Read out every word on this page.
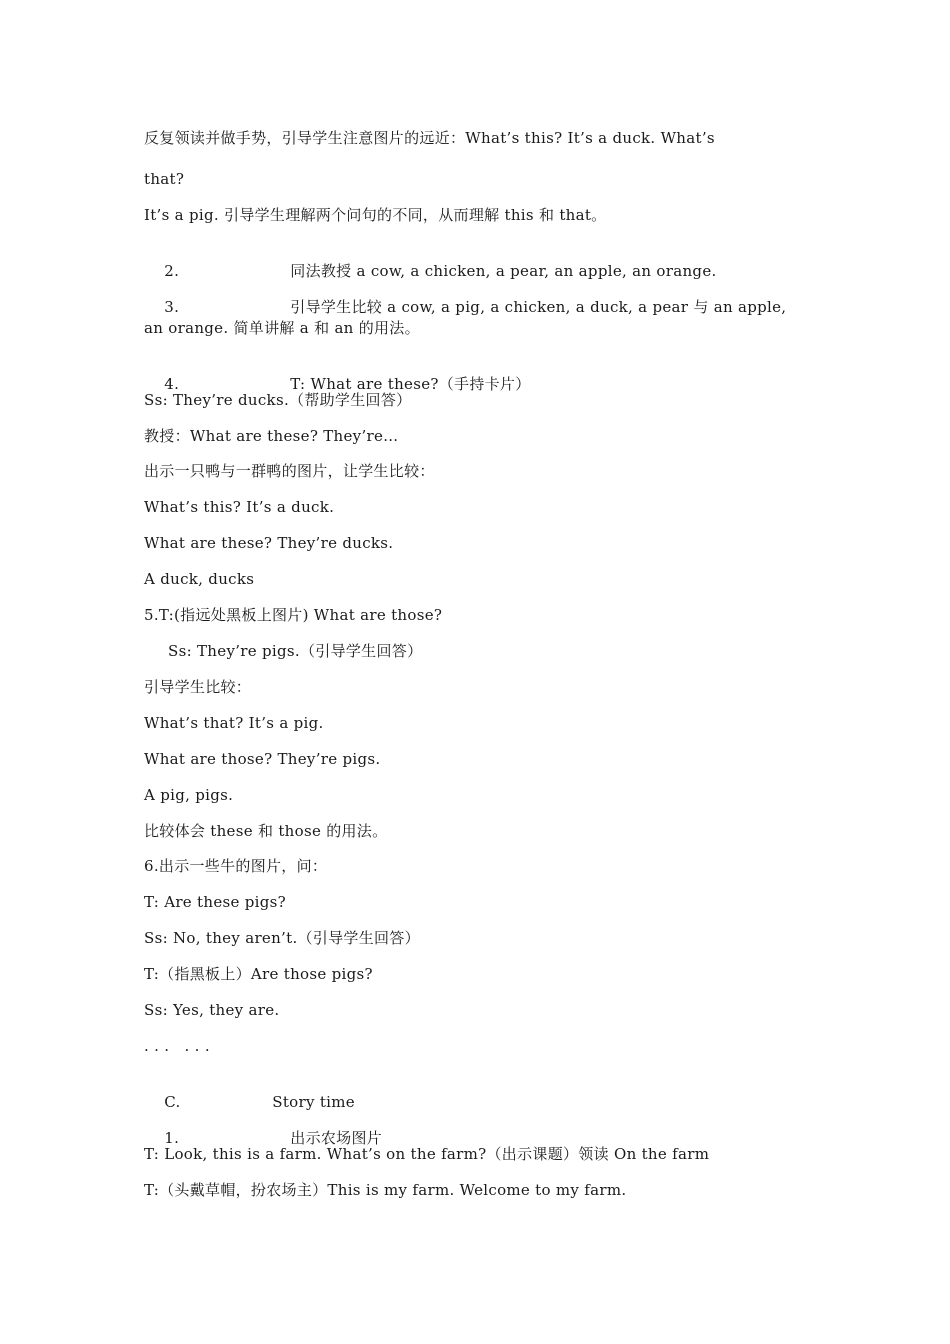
反复领读并做手势，引导学生注意图片的远近：What’s this? It’s a duck. What’s
that?
It’s a pig. 引导学生理解两个问句的不同，从而理解 this 和 that。

2.	同法教授 a cow, a chicken, a pear, an apple, an orange.

3.	引导学生比较 a cow, a pig, a chicken, a duck, a pear 与 an apple,

an orange. 简单讲解 a 和 an 的用法。

4.	T: What are these?（手持卡片）

Ss: They’re ducks.（帮助学生回答）
教授：What are these? They’re…
出示一只鸭与一群鸭的图片，让学生比较：
What’s this? It’s a duck.
What are these? They’re ducks.
A duck, ducks
5.T:(指远处黑板上图片) What are those?
Ss: They’re pigs.（引导学生回答）
引导学生比较：
What’s that? It’s a pig.
What are those? They’re pigs.
A pig, pigs.
比较体会 these 和 those 的用法。
6.出示一些牛的图片，问：
T: Are these pigs?
Ss: No, they aren’t.（引导学生回答）
T:（指黑板上）Are those pigs?
Ss: Yes, they are.
. . .   . . .

C.	Story time

1.	出示农场图片

T: Look, this is a farm. What’s on the farm?（出示课题）领读 On the farm
T:（头戴草帽，扮农场主）This is my farm. Welcome to my farm.
